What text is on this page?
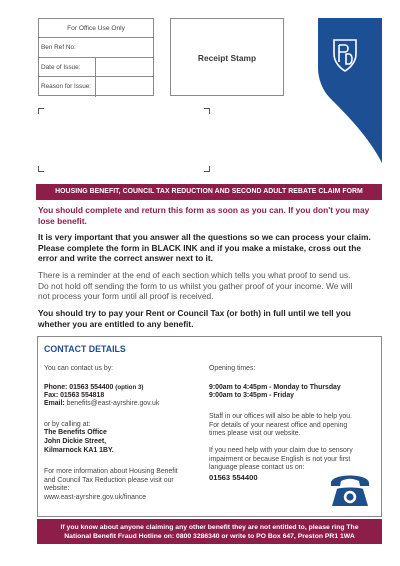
For Office Use Only
Ben Ref No:
Date of Issue:
Reason for Issue:
Receipt Stamp
HOUSING BENEFIT, COUNCIL TAX REDUCTION AND SECOND ADULT REBATE CLAIM FORM
You should complete and return this form as soon as you can. If you don't you may
lose benefit.
It is very important that you answer all the questions so we can process your claim.
Please complete the form in BLACK INK and if you make a mistake, cross out the
error and write the correct answer next to it.
There is a reminder at the end of each section which tells you what proof to send us.
Do not hold off sending the form to us whilst you gather proof of your income. We will
not process your form until all proof is received.
You should try to pay your Rent or Council Tax (or both) in full until we tell you
whether you are entitled to any benefit.
CONTACT DETAILS
You can contact us by:
Phone: 01563 554400 (option 3)
Fax: 01563 554818
Email: benefits@east-ayrshire.gov.uk
or by calling at:
The Benefits Office
John Dickie Street,
Kilmarnock KA1 1BY.
For more information about Housing Benefit
and Council Tax Reduction please visit our
website:
www.east-ayrshire.gov.uk/finance
Opening times:
9:00am to 4:45pm - Monday to Thursday
9:00am to 3:45pm - Friday
Staff in our offices will also be able to help you.
For details of your nearest office and opening
times please visit our website.
If you need help with your claim due to sensory
impairment or because English is not your first
language please contact us on:
01563 554400
If you know about anyone claiming any other benefit they are not entitled to, please ring The
National Benefit Fraud Hotline on: 0800 3286340 or write to PO Box 647, Preston PR1 1WA
